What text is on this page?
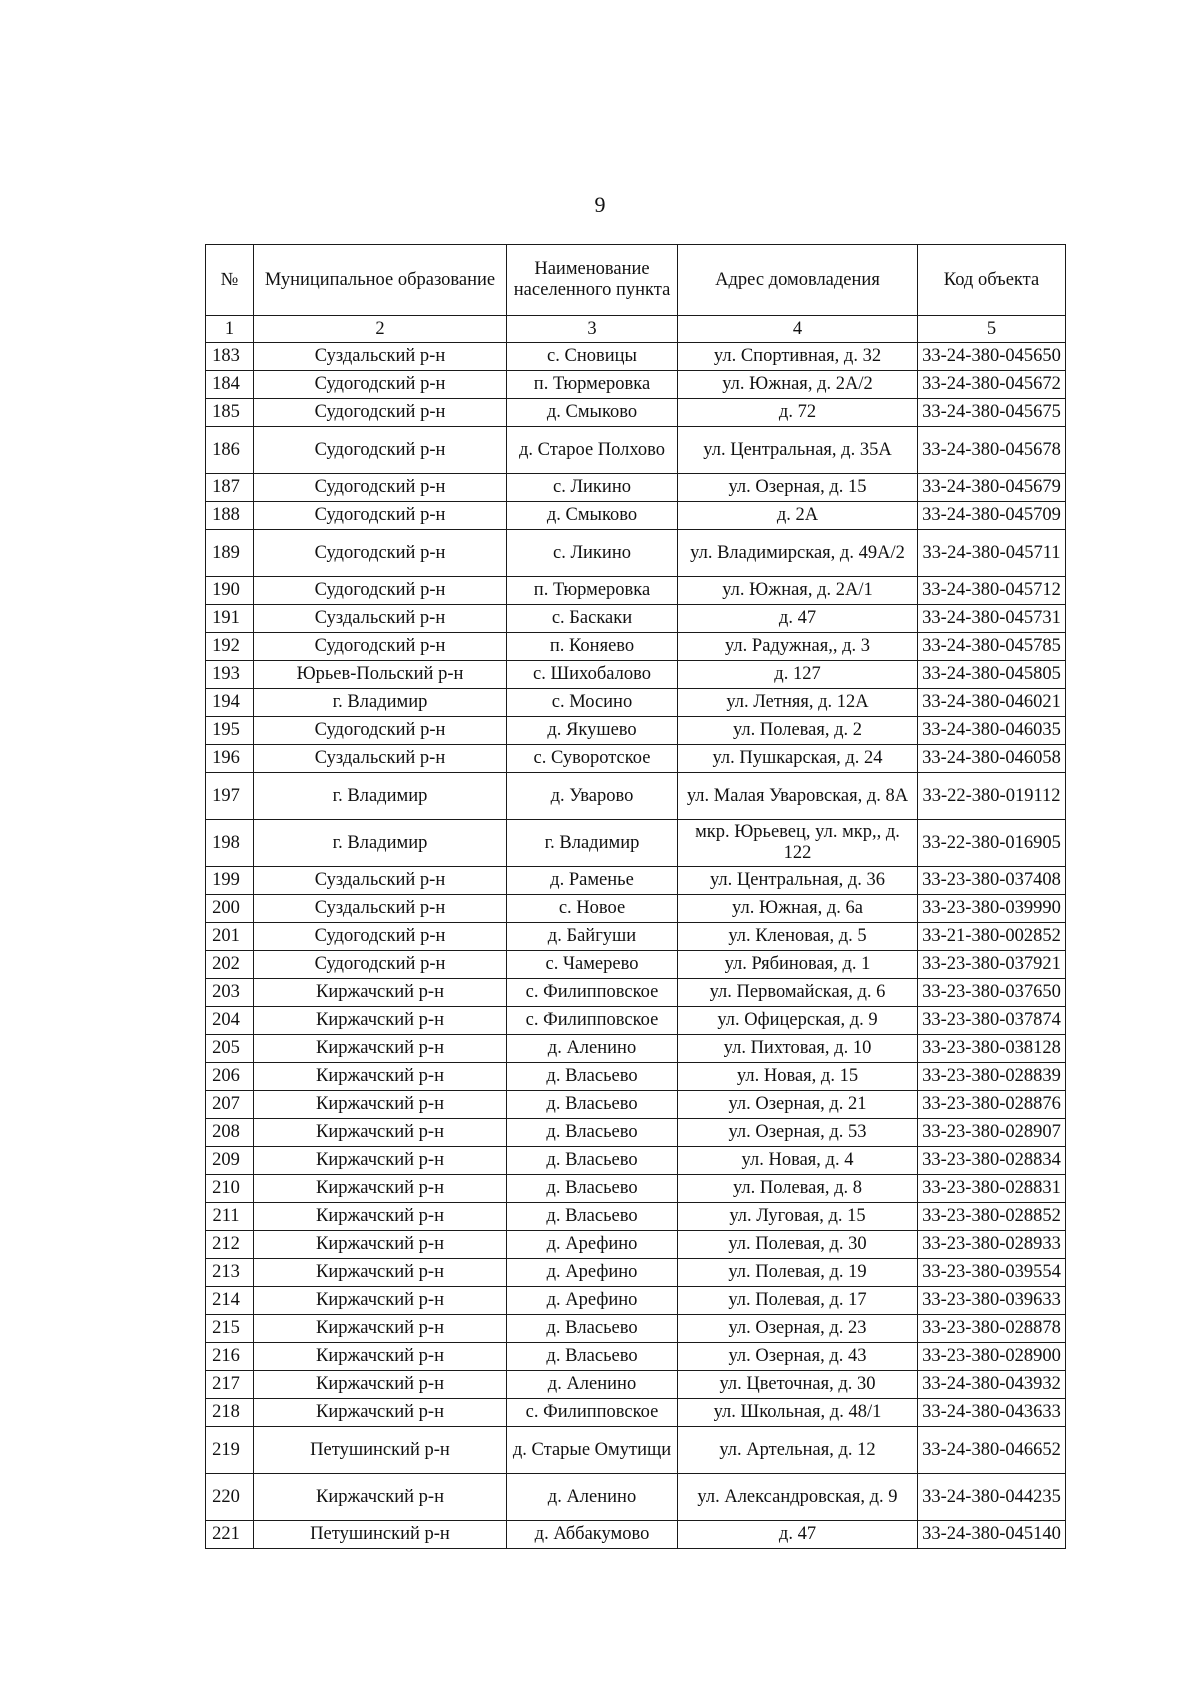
9
№	Муниципальное образование	Наименование населенного пункта	Адрес домовладения	Код объекта
1	2	3	4	5
183	Суздальский р-н	с. Сновицы	ул. Спортивная, д. 32	33-24-380-045650
184	Судогодский р-н	п. Тюрмеровка	ул. Южная, д. 2А/2	33-24-380-045672
185	Судогодский р-н	д. Смыково	д. 72	33-24-380-045675
186	Судогодский р-н	д. Старое Полхово	ул. Центральная, д. 35А	33-24-380-045678
187	Судогодский р-н	с. Ликино	ул. Озерная, д. 15	33-24-380-045679
188	Судогодский р-н	д. Смыково	д. 2А	33-24-380-045709
189	Судогодский р-н	с. Ликино	ул. Владимирская, д. 49А/2	33-24-380-045711
190	Судогодский р-н	п. Тюрмеровка	ул. Южная, д. 2А/1	33-24-380-045712
191	Суздальский р-н	с. Баскаки	д. 47	33-24-380-045731
192	Судогодский р-н	п. Коняево	ул. Радужная,, д. 3	33-24-380-045785
193	Юрьев-Польский р-н	с. Шихобалово	д. 127	33-24-380-045805
194	г. Владимир	с. Мосино	ул. Летняя, д. 12А	33-24-380-046021
195	Судогодский р-н	д. Якушево	ул. Полевая, д. 2	33-24-380-046035
196	Суздальский р-н	с. Суворотское	ул. Пушкарская, д. 24	33-24-380-046058
197	г. Владимир	д. Уварово	ул. Малая Уваровская, д. 8А	33-22-380-019112
198	г. Владимир	г. Владимир	мкр. Юрьевец, ул. мкр,, д. 122	33-22-380-016905
199	Суздальский р-н	д. Раменье	ул. Центральная, д. 36	33-23-380-037408
200	Суздальский р-н	с. Новое	ул. Южная, д. 6а	33-23-380-039990
201	Судогодский р-н	д. Байгуши	ул. Кленовая, д. 5	33-21-380-002852
202	Судогодский р-н	с. Чамерево	ул. Рябиновая, д. 1	33-23-380-037921
203	Киржачский р-н	с. Филипповское	ул. Первомайская, д. 6	33-23-380-037650
204	Киржачский р-н	с. Филипповское	ул. Офицерская, д. 9	33-23-380-037874
205	Киржачский р-н	д. Аленино	ул. Пихтовая, д. 10	33-23-380-038128
206	Киржачский р-н	д. Власьево	ул. Новая, д. 15	33-23-380-028839
207	Киржачский р-н	д. Власьево	ул. Озерная, д. 21	33-23-380-028876
208	Киржачский р-н	д. Власьево	ул. Озерная, д. 53	33-23-380-028907
209	Киржачский р-н	д. Власьево	ул. Новая, д. 4	33-23-380-028834
210	Киржачский р-н	д. Власьево	ул. Полевая, д. 8	33-23-380-028831
211	Киржачский р-н	д. Власьево	ул. Луговая, д. 15	33-23-380-028852
212	Киржачский р-н	д. Арефино	ул. Полевая, д. 30	33-23-380-028933
213	Киржачский р-н	д. Арефино	ул. Полевая, д. 19	33-23-380-039554
214	Киржачский р-н	д. Арефино	ул. Полевая, д. 17	33-23-380-039633
215	Киржачский р-н	д. Власьево	ул. Озерная, д. 23	33-23-380-028878
216	Киржачский р-н	д. Власьево	ул. Озерная, д. 43	33-23-380-028900
217	Киржачский р-н	д. Аленино	ул. Цветочная, д. 30	33-24-380-043932
218	Киржачский р-н	с. Филипповское	ул. Школьная, д. 48/1	33-24-380-043633
219	Петушинский р-н	д. Старые Омутищи	ул. Артельная, д. 12	33-24-380-046652
220	Киржачский р-н	д. Аленино	ул. Александровская, д. 9	33-24-380-044235
221	Петушинский р-н	д. Аббакумово	д. 47	33-24-380-045140
